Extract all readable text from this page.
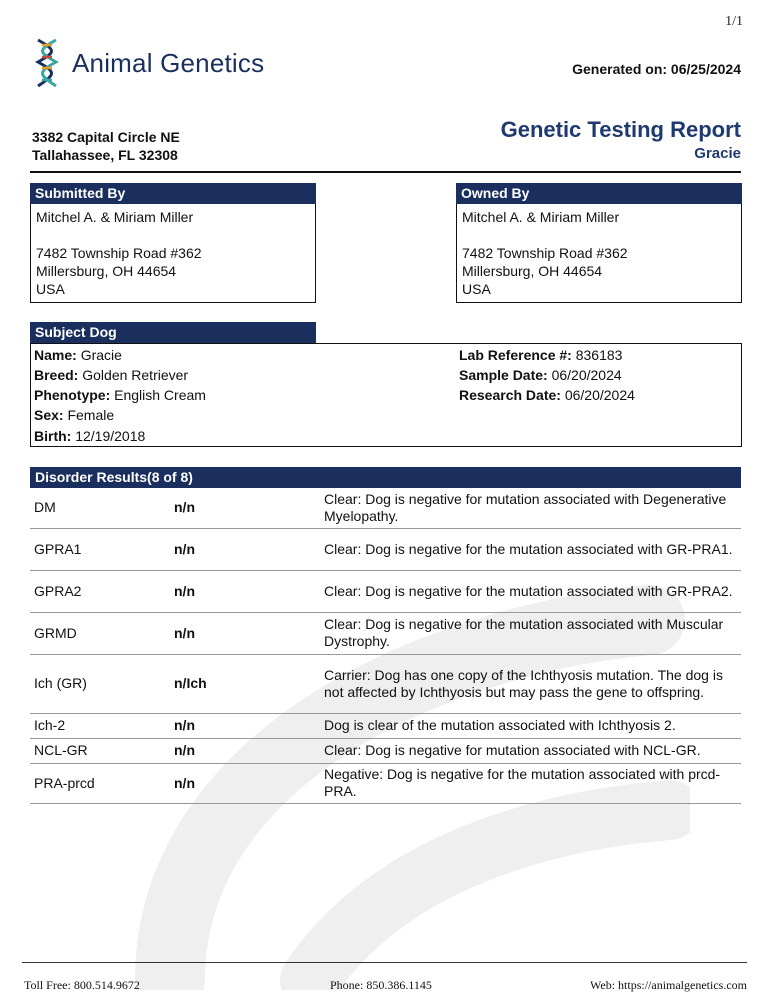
1/1
Animal Genetics	Generated on: 06/25/2024
3382 Capital Circle NE
Tallahassee, FL 32308
Genetic Testing Report
Gracie
Submitted By

Mitchel A. & Miriam Miller

7482 Township Road #362

Millersburg, OH 44654

USA

Owned By

Mitchel A. & Miriam Miller

7482 Township Road #362

Millersburg, OH 44654

USA

Subject Dog
Name: Gracie
Breed: Golden Retriever
Phenotype: English Cream
Sex: Female
Birth: 12/19/2018
Lab Reference #: 836183
Sample Date: 06/20/2024
Research Date: 06/20/2024
Disorder Results(8 of 8)
DM	n/n	Clear: Dog is negative for mutation associated with Degenerative Myelopathy.
GPRA1	n/n	Clear: Dog is negative for the mutation associated with GR-PRA1.
GPRA2	n/n	Clear: Dog is negative for the mutation associated with GR-PRA2.
GRMD	n/n	Clear: Dog is negative for the mutation associated with Muscular Dystrophy.
Ich (GR)	n/Ich	Carrier: Dog has one copy of the Ichthyosis mutation. The dog is not affected by Ichthyosis but may pass the gene to offspring.
Ich-2	n/n	Dog is clear of the mutation associated with Ichthyosis 2.
NCL-GR	n/n	Clear: Dog is negative for mutation associated with NCL-GR.
PRA-prcd	n/n	Negative: Dog is negative for the mutation associated with prcd-PRA.
Toll Free: 800.514.9672	Phone: 850.386.1145	Web: https://animalgenetics.com
